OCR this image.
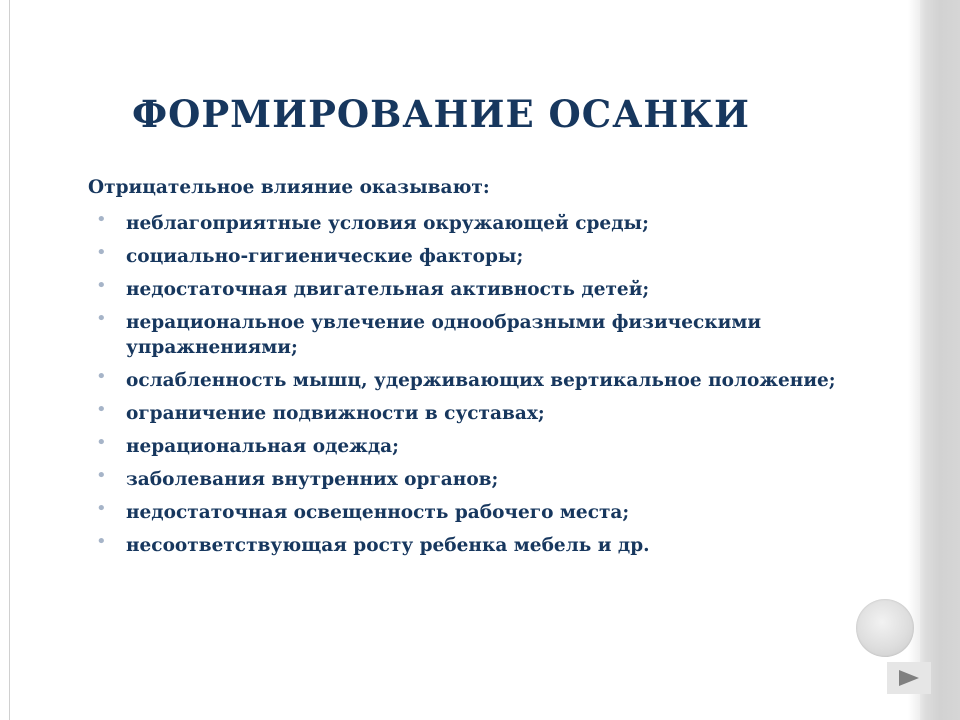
ФОРМИРОВАНИЕ ОСАНКИ

Отрицательное влияние оказывают:

• неблагоприятные условия окружающей среды;
• социально-гигиенические факторы;
• недостаточная двигательная активность детей;
• нерациональное увлечение однообразными физическими упражнениями;
• ослабленность мышц, удерживающих вертикальное положение;
• ограничение подвижности в суставах;
• нерациональная одежда;
• заболевания внутренних органов;
• недостаточная освещенность рабочего места;
• несоответствующая росту ребенка мебель и др.
